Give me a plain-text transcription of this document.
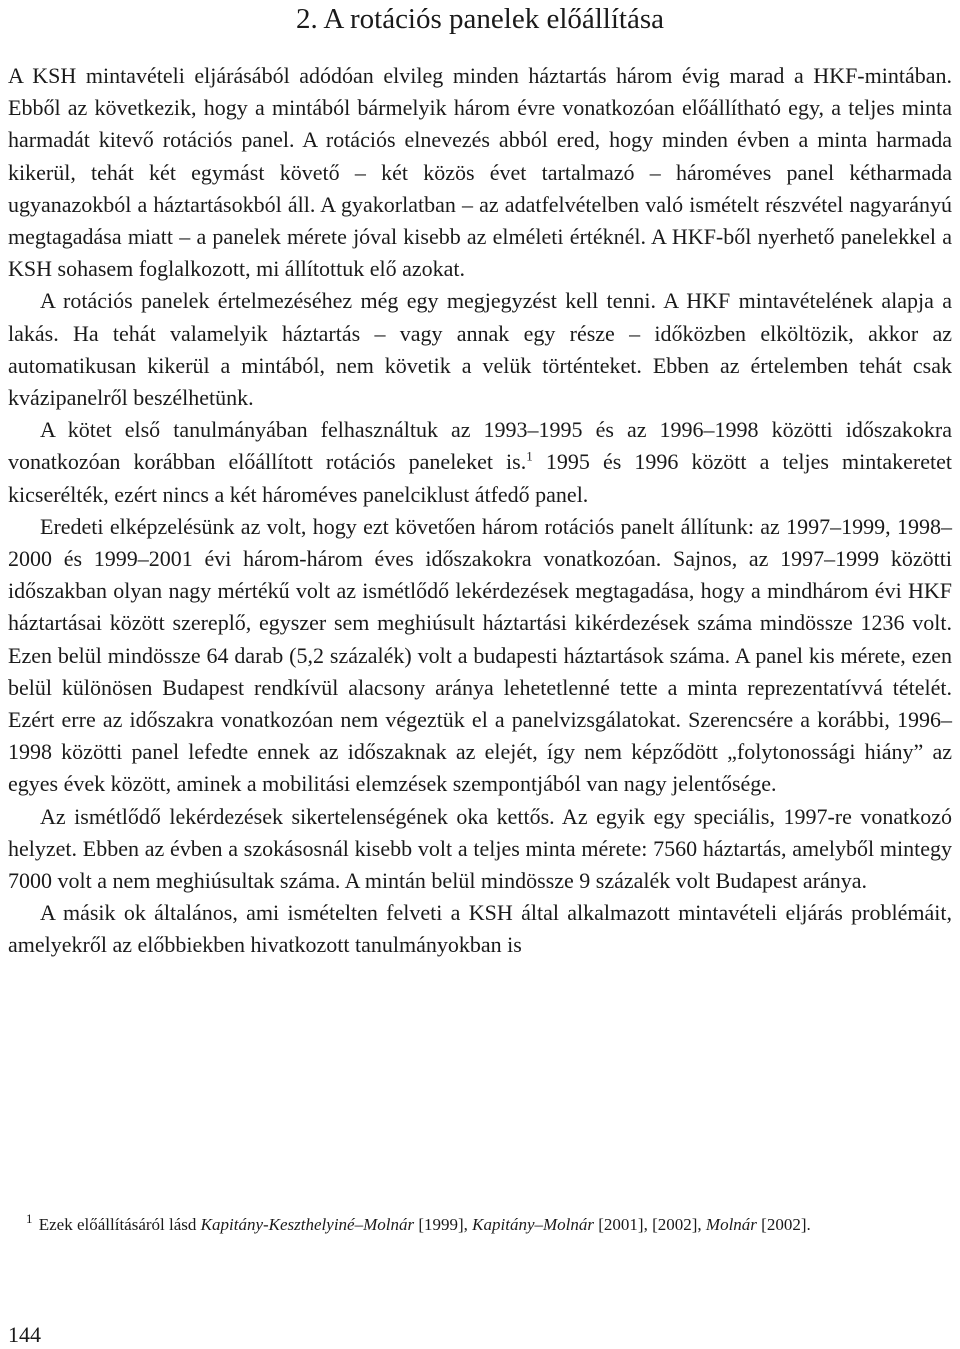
2. A rotációs panelek előállítása

A KSH mintavételi eljárásából adódóan elvileg minden háztartás három évig marad a HKF-mintában. Ebből az következik, hogy a mintából bármelyik három évre vonatkozóan előállítható egy, a teljes minta harmadát kitevő rotációs panel. A rotációs elnevezés abból ered, hogy minden évben a minta harmada kikerül, tehát két egymást követő – két közös évet tartalmazó – hároméves panel kétharmada ugyanazokból a háztartásokból áll. A gyakorlatban – az adatfelvételben való ismételt részvétel nagyarányú megtagadása miatt – a panelek mérete jóval kisebb az elméleti értéknél. A HKF-ből nyerhető panelekkel a KSH sohasem foglalkozott, mi állítottuk elő azokat.

A rotációs panelek értelmezéséhez még egy megjegyzést kell tenni. A HKF mintavételének alapja a lakás. Ha tehát valamelyik háztartás – vagy annak egy része – időközben elköltözik, akkor az automatikusan kikerül a mintából, nem követik a velük történteket. Ebben az értelemben tehát csak kvázipanelről beszélhetünk.

A kötet első tanulmányában felhasználtuk az 1993–1995 és az 1996–1998 közötti időszakokra vonatkozóan korábban előállított rotációs paneleket is.$^1$ 1995 és 1996 között a teljes mintakeretet kicserélték, ezért nincs a két hároméves panelciklust átfedő panel.

Eredeti elképzelésünk az volt, hogy ezt követően három rotációs panelt állítunk: az 1997–1999, 1998–2000 és 1999–2001 évi három-három éves időszakokra vonatkozóan. Sajnos, az 1997–1999 közötti időszakban olyan nagy mértékű volt az ismétlődő lekérdezések megtagadása, hogy a mindhárom évi HKF háztartásai között szereplő, egyszer sem meghiúsult háztartási kikérdezések száma mindössze 1236 volt. Ezen belül mindössze 64 darab (5,2 százalék) volt a budapesti háztartások száma. A panel kis mérete, ezen belül különösen Budapest rendkívül alacsony aránya lehetetlenné tette a minta reprezentatívvá tételét. Ezért erre az időszakra vonatkozóan nem végeztük el a panelvizsgálatokat. Szerencsére a korábbi, 1996–1998 közötti panel lefedte ennek az időszaknak az elejét, így nem képződött „folytonossági hiány” az egyes évek között, aminek a mobilitási elemzések szempontjából van nagy jelentősége.

Az ismétlődő lekérdezések sikertelenségének oka kettős. Az egyik egy speciális, 1997-re vonatkozó helyzet. Ebben az évben a szokásosnál kisebb volt a teljes minta mérete: 7560 háztartás, amelyből mintegy 7000 volt a nem meghiúsultak száma. A mintán belül mindössze 9 százalék volt Budapest aránya.

A másik ok általános, ami ismételten felveti a KSH által alkalmazott mintavételi eljárás problémáit, amelyekről az előbbiekben hivatkozott tanulmányokban is

$^1$ Ezek előállításáról lásd Kapitány-Keszthelyiné–Molnár [1999], Kapitány–Molnár [2001], [2002], Molnár [2002].
144
